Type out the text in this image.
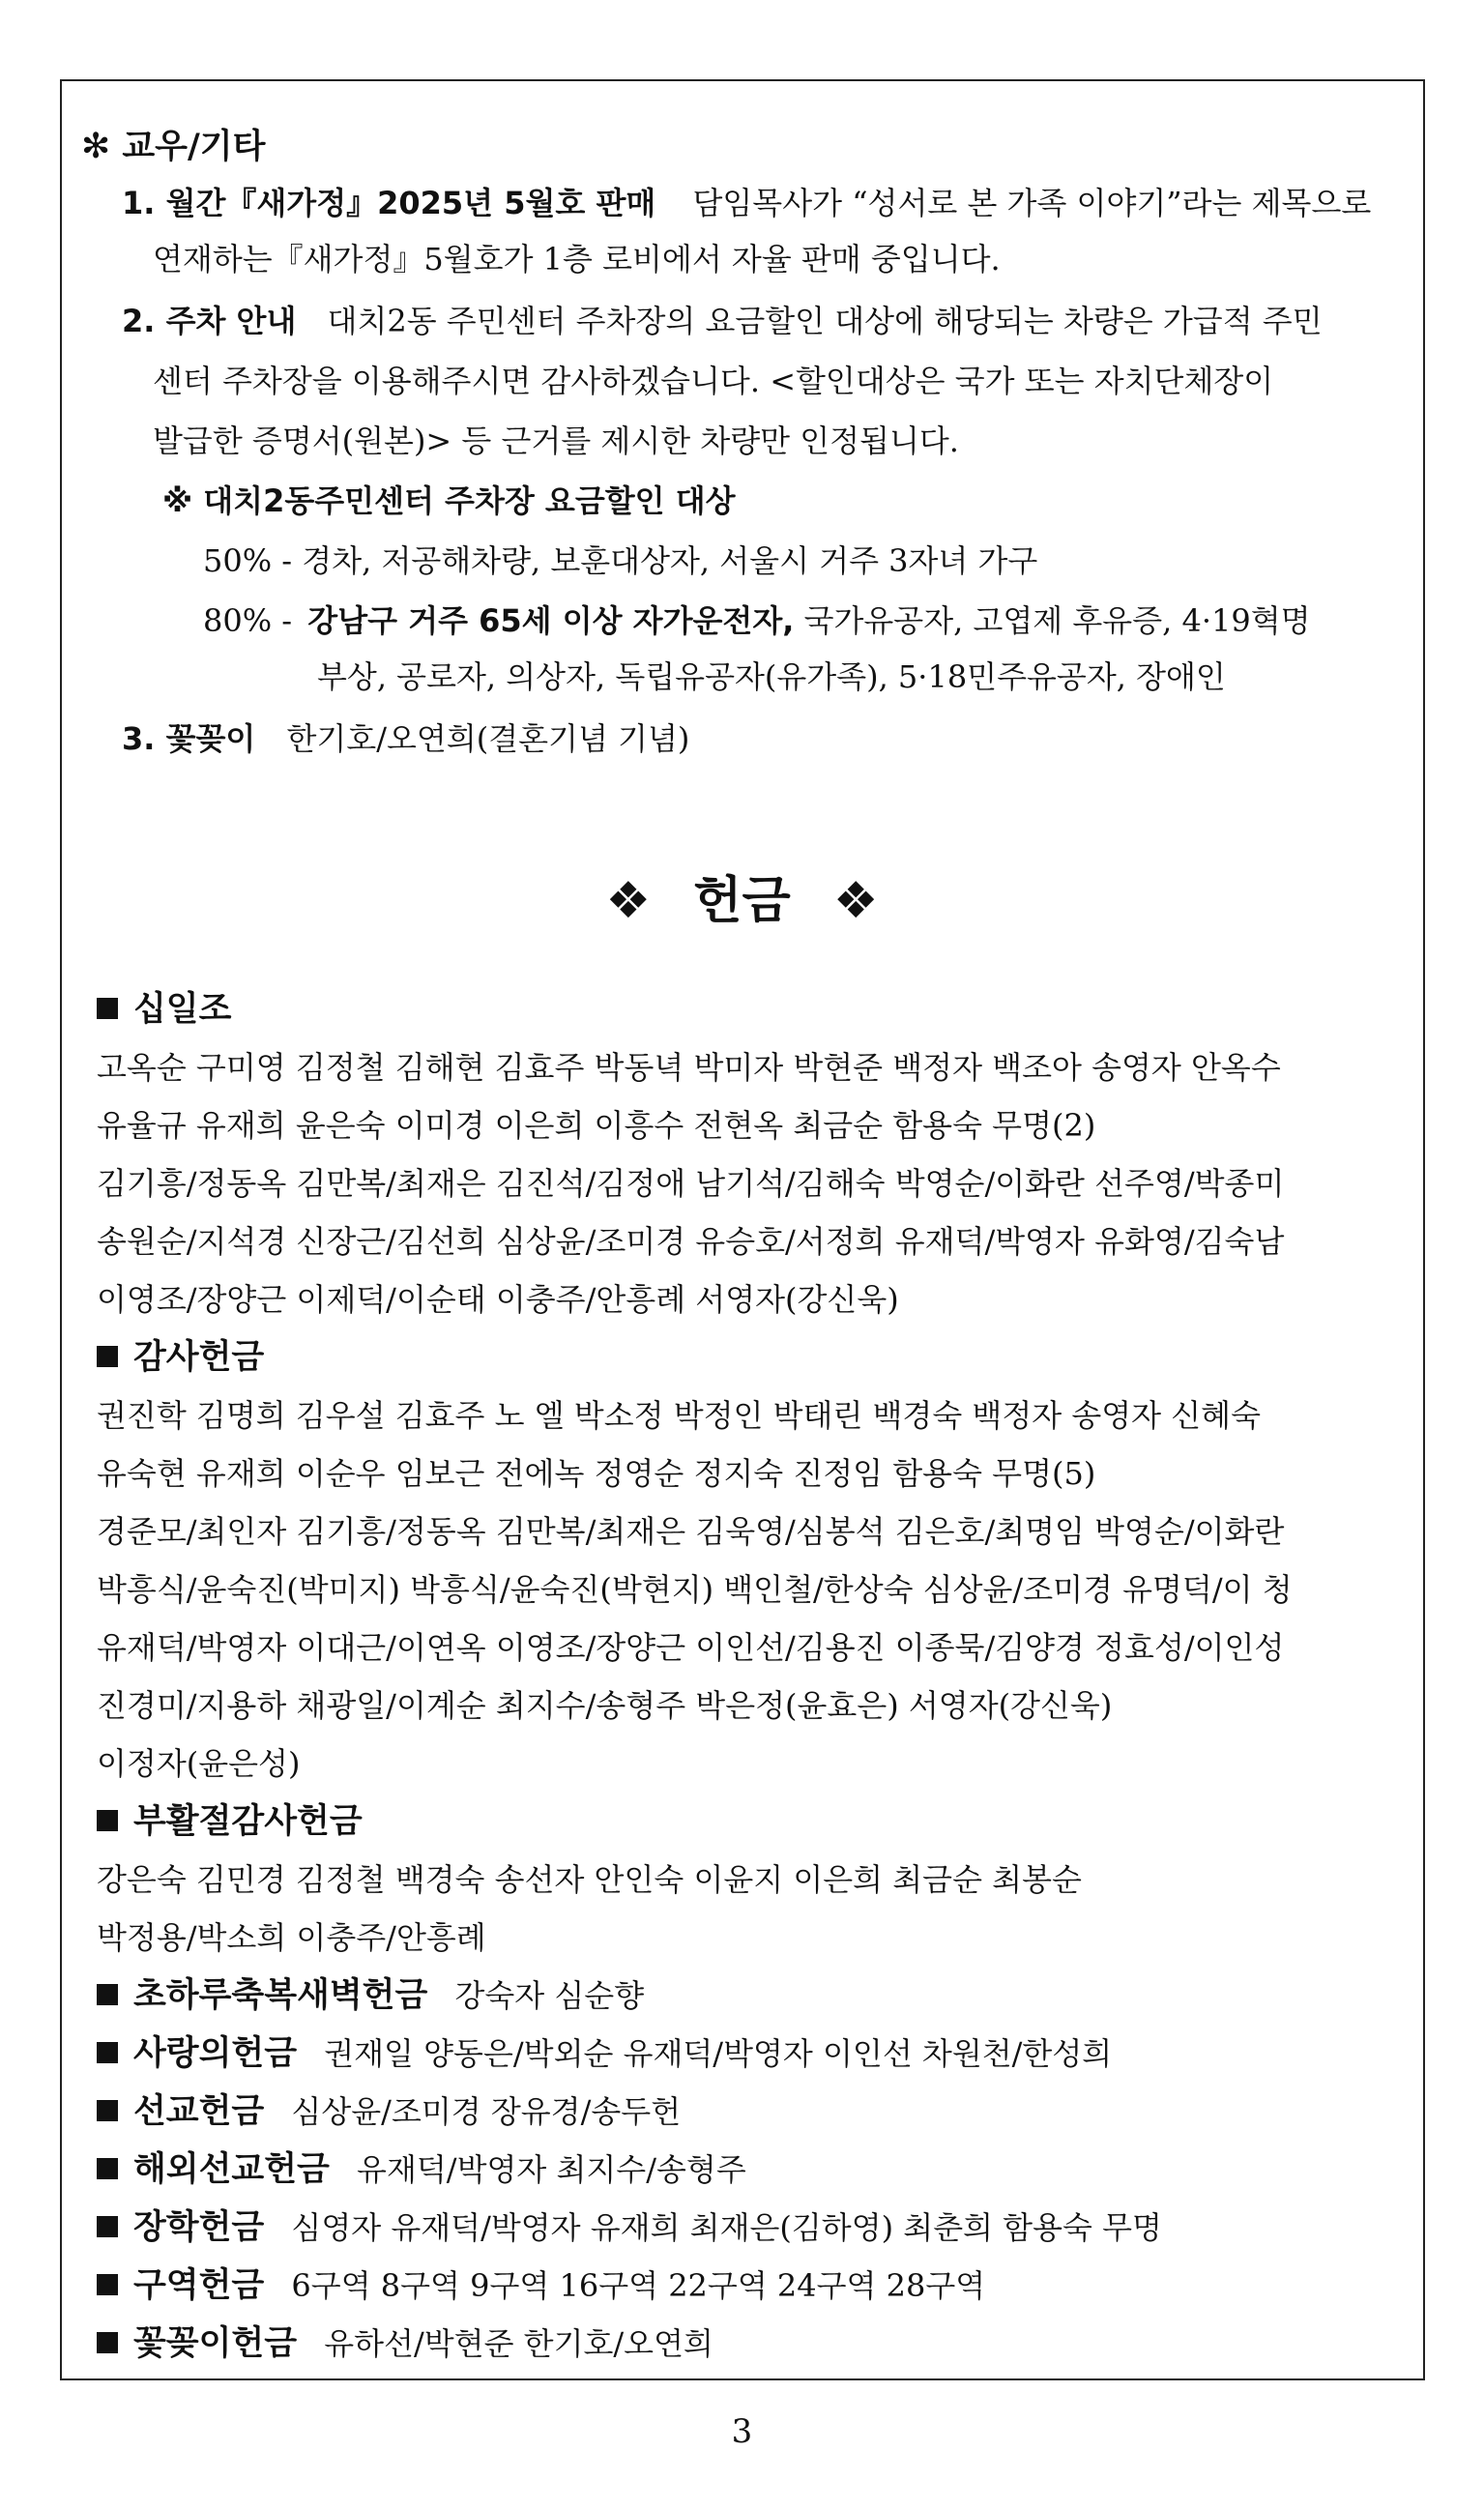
✻ 교우/기타
1. 월간『새가정』2025년 5월호 판매 담임목사가 “성서로 본 가족 이야기”라는 제목으로
연재하는『새가정』5월호가 1층 로비에서 자율 판매 중입니다.
2. 주차 안내 대치2동 주민센터 주차장의 요금할인 대상에 해당되는 차량은 가급적 주민
센터 주차장을 이용해주시면 감사하겠습니다. <할인대상은 국가 또는 자치단체장이
발급한 증명서(원본)> 등 근거를 제시한 차량만 인정됩니다.
※ 대치2동주민센터 주차장 요금할인 대상
50% - 경차, 저공해차량, 보훈대상자, 서울시 거주 3자녀 가구
80% - 강남구 거주 65세 이상 자가운전자, 국가유공자, 고엽제 후유증, 4·19혁명
부상, 공로자, 의상자, 독립유공자(유가족), 5·18민주유공자, 장애인
3. 꽃꽂이 한기호/오연희(결혼기념 기념)
❖ 헌금 ❖
십일조
고옥순 구미영 김정철 김해현 김효주 박동녁 박미자 박현준 백정자 백조아 송영자 안옥수
유율규 유재희 윤은숙 이미경 이은희 이흥수 전현옥 최금순 함용숙 무명(2)
김기흥/정동옥 김만복/최재은 김진석/김정애 남기석/김해숙 박영순/이화란 선주영/박종미
송원순/지석경 신장근/김선희 심상윤/조미경 유승호/서정희 유재덕/박영자 유화영/김숙남
이영조/장양근 이제덕/이순태 이충주/안흥례 서영자(강신욱)
감사헌금
권진학 김명희 김우설 김효주 노 엘 박소정 박정인 박태린 백경숙 백정자 송영자 신혜숙
유숙현 유재희 이순우 임보근 전에녹 정영순 정지숙 진정임 함용숙 무명(5)
경준모/최인자 김기흥/정동옥 김만복/최재은 김욱영/심봉석 김은호/최명임 박영순/이화란
박흥식/윤숙진(박미지) 박흥식/윤숙진(박현지) 백인철/한상숙 심상윤/조미경 유명덕/이 청
유재덕/박영자 이대근/이연옥 이영조/장양근 이인선/김용진 이종묵/김양경 정효성/이인성
진경미/지용하 채광일/이계순 최지수/송형주 박은정(윤효은) 서영자(강신욱)
이정자(윤은성)
부활절감사헌금
강은숙 김민경 김정철 백경숙 송선자 안인숙 이윤지 이은희 최금순 최봉순
박정용/박소희 이충주/안흥례
초하루축복새벽헌금 강숙자 심순향
사랑의헌금 권재일 양동은/박외순 유재덕/박영자 이인선 차원천/한성희
선교헌금 심상윤/조미경 장유경/송두헌
해외선교헌금 유재덕/박영자 최지수/송형주
장학헌금 심영자 유재덕/박영자 유재희 최재은(김하영) 최춘희 함용숙 무명
구역헌금 6구역 8구역 9구역 16구역 22구역 24구역 28구역
꽃꽂이헌금 유하선/박현준 한기호/오연희
3
